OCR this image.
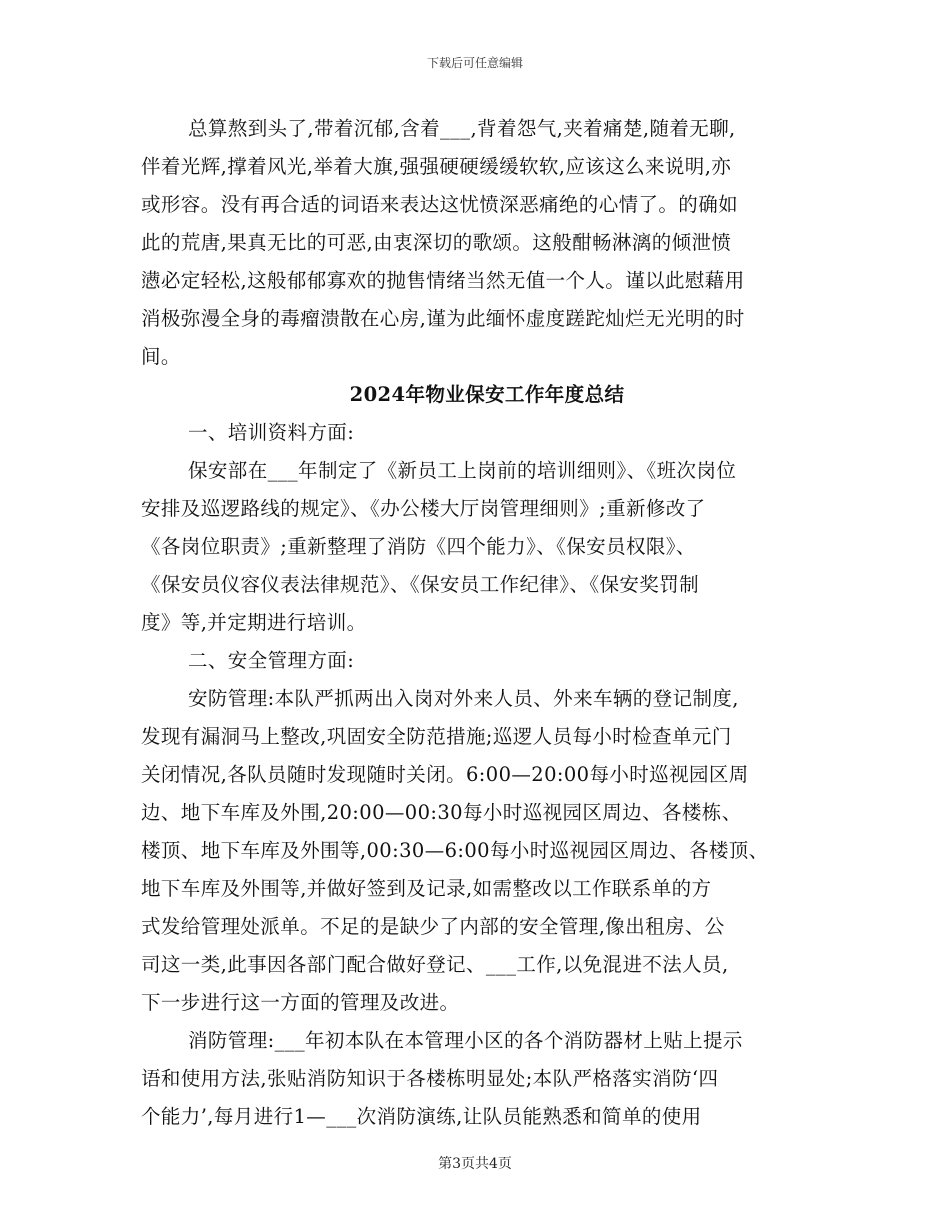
下载后可任意编辑
总算熬到头了,带着沉郁,含着___,背着怨气,夹着痛楚,随着无聊,
伴着光辉,撑着风光,举着大旗,强强硬硬缓缓软软,应该这么来说明,亦
或形容。没有再合适的词语来表达这忧愤深恶痛绝的心情了。的确如
此的荒唐,果真无比的可恶,由衷深切的歌颂。这般酣畅淋漓的倾泄愤
懑必定轻松,这般郁郁寡欢的抛售情绪当然无值一个人。谨以此慰藉用
消极弥漫全身的毒瘤溃散在心房,谨为此缅怀虚度蹉跎灿烂无光明的时
间。
2024年物业保安工作年度总结
一、培训资料方面:
保安部在___年制定了《新员工上岗前的培训细则》、《班次岗位
安排及巡逻路线的规定》、《办公楼大厅岗管理细则》;重新修改了
《各岗位职责》;重新整理了消防《四个能力》、《保安员权限》、
《保安员仪容仪表法律规范》、《保安员工作纪律》、《保安奖罚制
度》等,并定期进行培训。
二、安全管理方面:
安防管理:本队严抓两出入岗对外来人员、外来车辆的登记制度,
发现有漏洞马上整改,巩固安全防范措施;巡逻人员每小时检查单元门
关闭情况,各队员随时发现随时关闭。6:00—20:00每小时巡视园区周
边、地下车库及外围,20:00—00:30每小时巡视园区周边、各楼栋、
楼顶、地下车库及外围等,00:30—6:00每小时巡视园区周边、各楼顶、
地下车库及外围等,并做好签到及记录,如需整改以工作联系单的方
式发给管理处派单。不足的是缺少了内部的安全管理,像出租房、公
司这一类,此事因各部门配合做好登记、___工作,以免混进不法人员,
下一步进行这一方面的管理及改进。
消防管理:___年初本队在本管理小区的各个消防器材上贴上提示
语和使用方法,张贴消防知识于各楼栋明显处;本队严格落实消防‘四
个能力’,每月进行1—___次消防演练,让队员能熟悉和简单的使用
第3页共4页
